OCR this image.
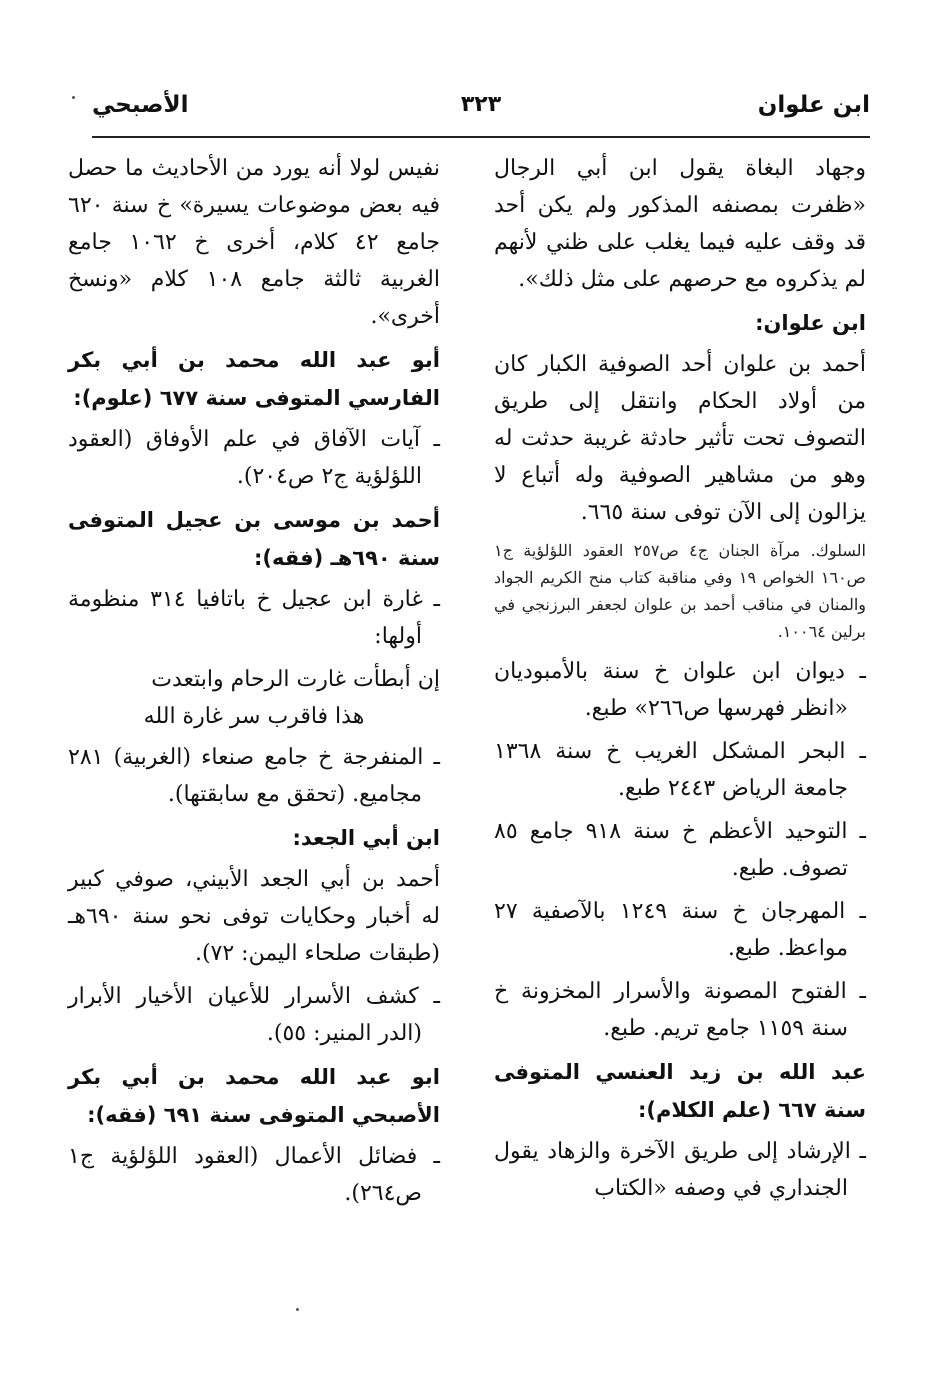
الأصبحي	٣٢٣	ابن علوان

وجهاد البغاة يقول ابن أبي الرجال «ظفرت بمصنفه المذكور ولم يكن أحد قد وقف عليه فيما يغلب على ظني لأنهم لم يذكروه مع حرصهم على مثل ذلك».

ابن علوان:

أحمد بن علوان أحد الصوفية الكبار كان من أولاد الحكام وانتقل إلى طريق التصوف تحت تأثير حادثة غريبة حدثت له وهو من مشاهير الصوفية وله أتباع لا يزالون إلى الآن توفى سنة ٦٦٥.

السلوك. مرآة الجنان ج٤ ص٢٥٧ العقود اللؤلؤية ج١ ص١٦٠ الخواص ١٩ وفي مناقبة كتاب منح الكريم الجواد والمنان في مناقب أحمد بن علوان لجعفر البرزنجي في برلين ١٠٠٦٤.

ـ ديوان ابن علوان خ سنة بالأمبوديان «انظر فهرسها ص٢٦٦» طبع.

ـ البحر المشكل الغريب خ سنة ١٣٦٨ جامعة الرياض ٢٤٤٣ طبع.

ـ التوحيد الأعظم خ سنة ٩١٨ جامع ٨٥ تصوف. طبع.

ـ المهرجان خ سنة ١٢٤٩ بالآصفية ٢٧ مواعظ. طبع.

ـ الفتوح المصونة والأسرار المخزونة خ سنة ١١٥٩ جامع تريم. طبع.

عبد الله بن زيد العنسي المتوفى سنة ٦٦٧ (علم الكلام):

ـ الإرشاد إلى طريق الآخرة والزهاد يقول الجنداري في وصفه «الكتاب

نفيس لولا أنه يورد من الأحاديث ما حصل فيه بعض موضوعات يسيرة» خ سنة ٦٢٠ جامع ٤٢ كلام، أخرى خ ١٠٦٢ جامع الغربية ثالثة جامع ١٠٨ كلام «ونسخ أخرى».

أبو عبد الله محمد بن أبي بكر الفارسي المتوفى سنة ٦٧٧ (علوم):

ـ آيات الآفاق في علم الأوفاق (العقود اللؤلؤية ج٢ ص٢٠٤).

أحمد بن موسى بن عجيل المتوفى سنة ٦٩٠هـ (فقه):

ـ غارة ابن عجيل خ باتافيا ٣١٤ منظومة أولها:

إن أبطأت غارت الرحام وابتعدت

هذا فاقرب سر غارة الله

ـ المنفرجة خ جامع صنعاء (الغربية) ٢٨١ مجاميع. (تحقق مع سابقتها).

ابن أبي الجعد:

أحمد بن أبي الجعد الأبيني، صوفي كبير له أخبار وحكايات توفى نحو سنة ٦٩٠هـ (طبقات صلحاء اليمن: ٧٢).

ـ كشف الأسرار للأعيان الأخيار الأبرار (الدر المنير: ٥٥).

ابو عبد الله محمد بن أبي بكر الأصبحي المتوفى سنة ٦٩١ (فقه):

ـ فضائل الأعمال (العقود اللؤلؤية ج١ ص٢٦٤).
